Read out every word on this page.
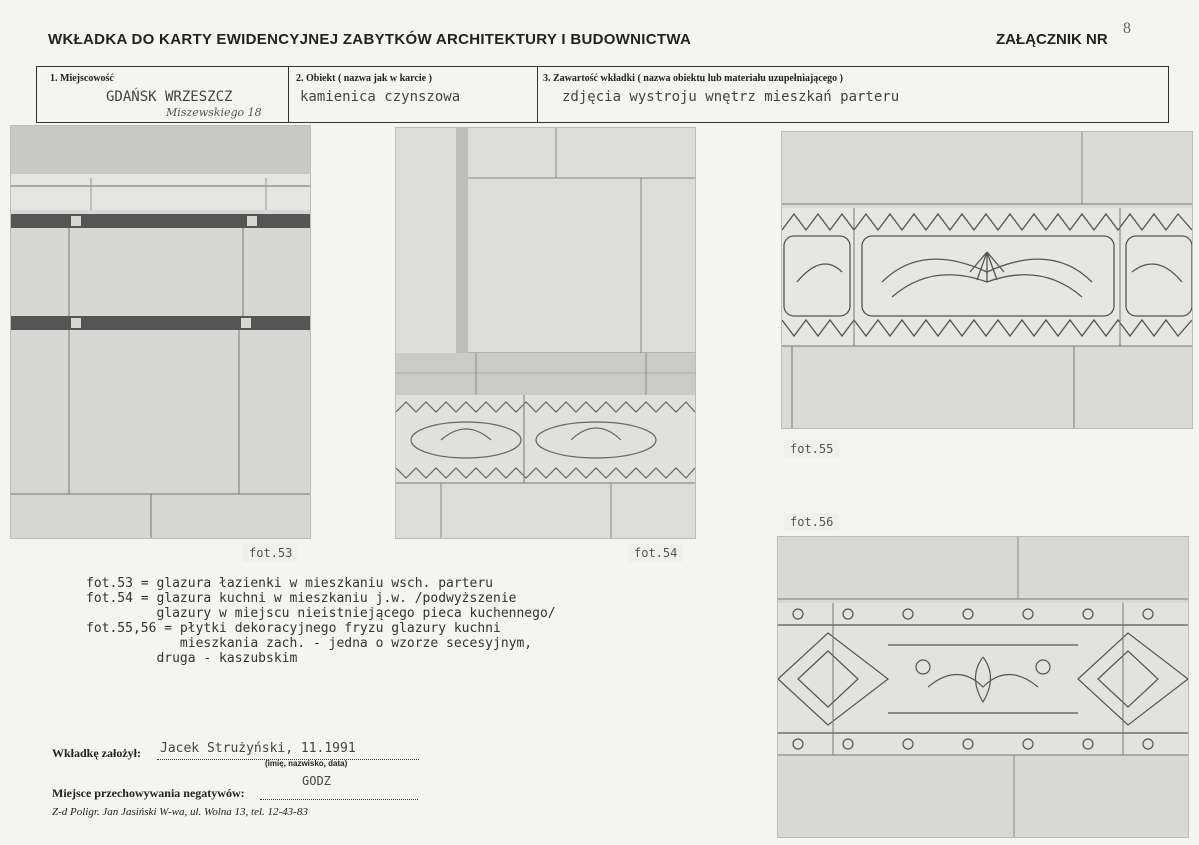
WKŁADKA DO KARTY EWIDENCYJNEJ ZABYTKÓW ARCHITEKTURY I BUDOWNICTWA	ZAŁĄCZNIK NR
8
1. Miejscowość
GDAŃSK WRZESZCZ
Miszewskiego 18
2. Obiekt ( nazwa jak w karcie )
kamienica czynszowa
3. Zawartość wkładki ( nazwa obiektu lub materiału uzupełniającego )
zdjęcia wystroju wnętrz mieszkań parteru
fot.53	fot.54
fot.55
fot.56
fot.53 = glazura łazienki w mieszkaniu wsch. parteru
fot.54 = glazura kuchni w mieszkaniu j.w. /podwyższenie
glazury w miejscu nieistniejącego pieca kuchennego/
fot.55,56 = płytki dekoracyjnego fryzu glazury kuchni
mieszkania zach. - jedna o wzorze secesyjnym,
druga - kaszubskim
Wkładkę założył: Jacek Strużyński, 11.1991
(imię, nazwisko, data)
Miejsce przechowywania negatywów:
GODZ
Z-d Poligr. Jan Jasiński W-wa, ul. Wolna 13, tel. 12-43-83
